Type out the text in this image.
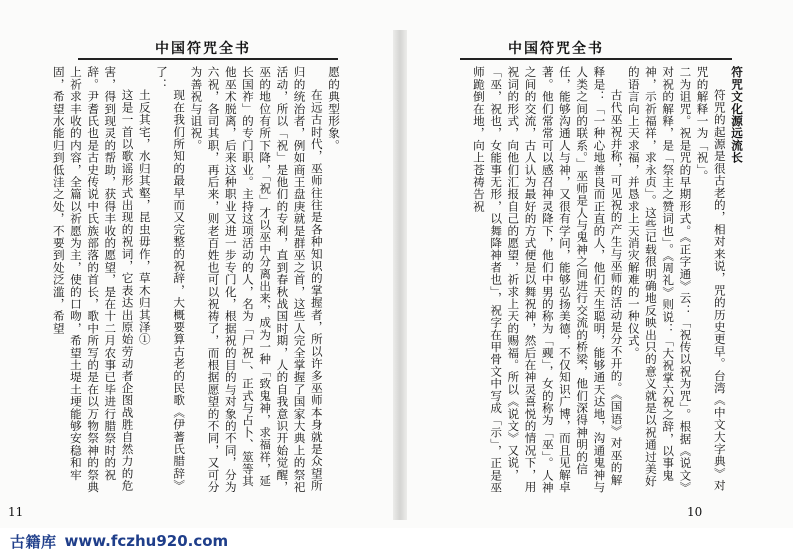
中国符咒全书
愿的典型形象。
在远古时代，巫师往往是各种知识的掌握者，所以许多巫师本身就是众望所归的统治者，例如商王盘庚就是群巫之首，这些人完全掌握了国家大典上的祭祀活动，所以「祝」是他们的专利，直到春秋战国时期，人的自我意识开始觉醒，巫的地位有所下降，「祝」才以巫中分离出来，成为一种「致鬼神，求福祥，延长国祚」的专门职业。主持这项活动的人，名为「尸祝」、正式与占卜、筮等其他巫术脱离，后来这种职业又进一步专门化，根据祝的目的与对象的不同，分为六祝，各司其职，再后来，则老百姓也可以祝祷了，而根据愿望的不同，又可分为善祝与诅祝。
现在我们所知的最早而又完整的祝辞，大概要算古老的民歌《伊蓍氏腊辞》了：
土反其宅，水归其壑，昆虫毋作，草木归其泽①
这是一首以歌谣形式出现的祝词，它表达出原始劳动者企图战胜自然力的危害，得到现灵的帮助，获得丰收的愿望，是在十二月农事已毕进行腊祭时的祝辞。尹耆氏也是古史传说中氏族部落的首长，歌中所写的是在以万物祭神的祭典上祈求丰收的内容，全篇以祈愿为主，使的口吻，希望土堤土埂能够安稳和牢固，希望水能归到低洼之处，不要到处泛滥，希望
11
中国符咒全书
符咒文化源远流长
符咒的起源是很古老的，相对来说，咒的历史更早。台湾《中文大字典》对咒的解释一为「祝」。
二为诅咒。祝是咒的早期形式。《正字通》云：「祝传以祝为咒」。根据《说文》对祝的解释，是「祭主之赞词也」。《周礼》则说：「大祝掌六祝之辞，以事鬼神，示祈福祥，求永贞」。这些记载很明确地反映出只的意义就是以祝通过美好的语言向上天求福，并恳求上天消灾解难的一种仪式。
古代巫祝并称，可见祝的产生与巫师的活动是分不开的。《国语》对巫的解释是：「一种心地善良而正直的人，他们天生聪明，能够通天达地，沟通鬼神与人类之间的联系。」巫师是人与鬼神之间进行交流的桥梁，他们深得神明的信任，能够沟通人与神，又很有学问，能够弘扬美德，不仅知识广博，而且见解卓著。他们常常可以感召神灵降下，他们中男的称为「觋」，女的称为「巫」。人神之间的交流，古人认为最好的方式便是以舞祝神，然后在神灵喜悦的情况下，用祝词的形式，向他们汇报自己的愿望，祈求上天的赐福。所以《说文》又说，「巫，祝也，女能事无形，以舞降神者也」，祝字在甲骨文中写成「示」，正是巫师跪倒在地，向上苍祷告祝
10
古籍库 www.fczhu920.com
